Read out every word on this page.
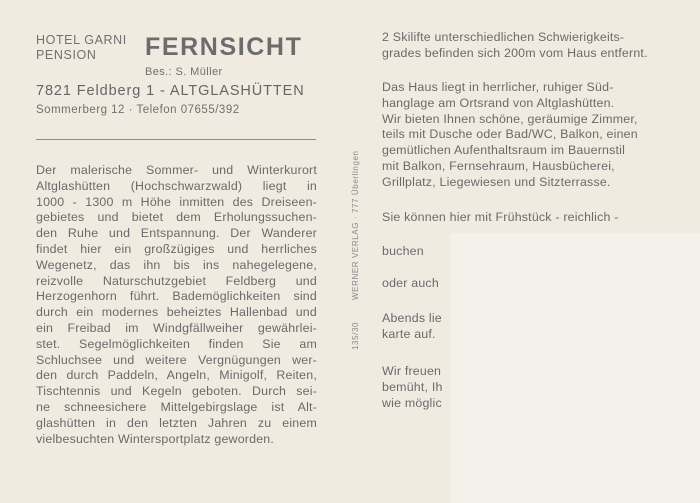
HOTEL GARNI
PENSION	FERNSICHT
Bes.: S. Müller
7821 Feldberg 1 - ALTGLASHÜTTEN
Sommerberg 12 · Telefon 07655/392
Der malerische Sommer- und Winterkurort
Altglashütten (Hochschwarzwald) liegt in
1000 - 1300 m Höhe inmitten des Dreiseen-
gebietes und bietet dem Erholungssuchen-
den Ruhe und Entspannung. Der Wanderer
findet hier ein großzügiges und herrliches
Wegenetz, das ihn bis ins nahegelegene,
reizvolle Naturschutzgebiet Feldberg und
Herzogenhorn führt. Bademöglichkeiten sind
durch ein modernes beheiztes Hallenbad und
ein Freibad im Windgfällweiher gewährlei-
stet. Segelmöglichkeiten finden Sie am
Schluchsee und weitere Vergnügungen wer-
den durch Paddeln, Angeln, Minigolf, Reiten,
Tischtennis und Kegeln geboten. Durch sei-
ne schneesichere Mittelgebirgslage ist Alt-
glashütten in den letzten Jahren zu einem
vielbesuchten Wintersportplatz geworden.
WERNER VERLAG · 777 Überlingen
135/30
2 Skilifte unterschiedlichen Schwierigkeits-
grades befinden sich 200m vom Haus entfernt.
Das Haus liegt in herrlicher, ruhiger Süd-
hanglage am Ortsrand von Altglashütten.
Wir bieten Ihnen schöne, geräumige Zimmer,
teils mit Dusche oder Bad/WC, Balkon, einen
gemütlichen Aufenthaltsraum im Bauernstil
mit Balkon, Fernsehraum, Hausbücherei,
Grillplatz, Liegewiesen und Sitzterrasse.
Sie können hier mit Frühstück - reichlich -
buchen
oder auch
Abends lie
karte auf.
Wir freuen
bemüht, Ih
wie möglic
